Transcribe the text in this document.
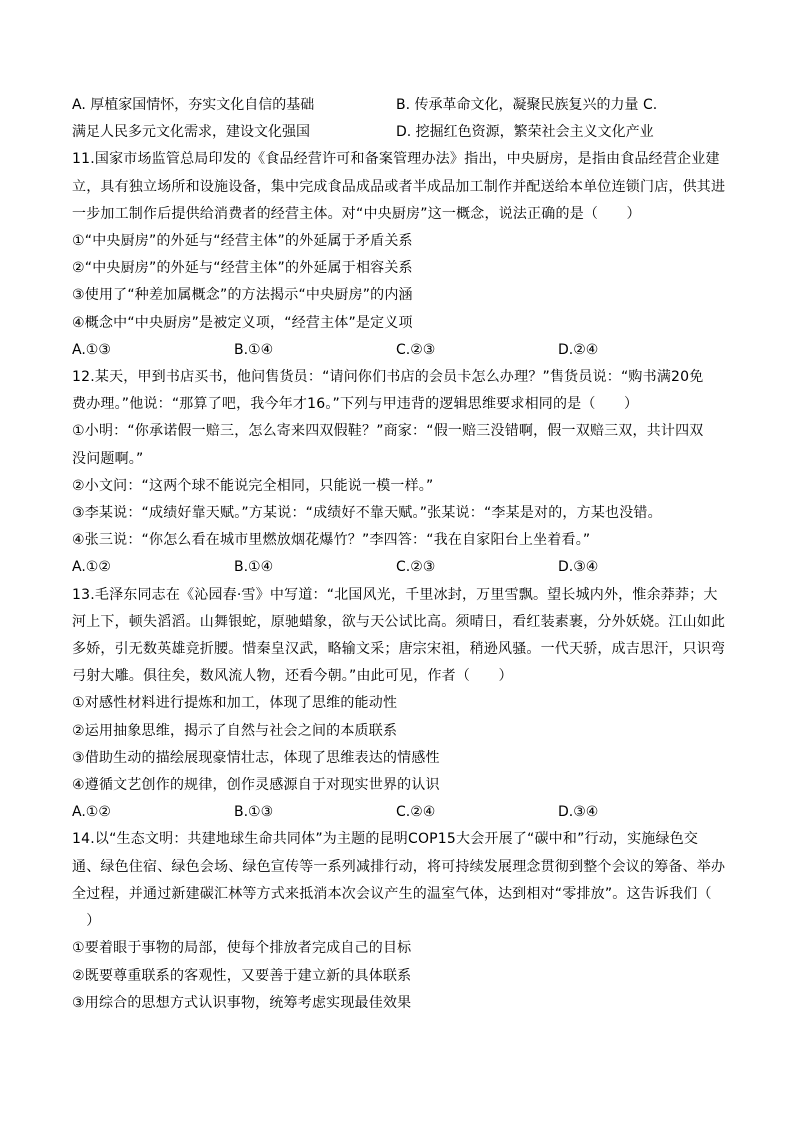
A. 厚植家国情怀，夯实文化自信的基础	B. 传承革命文化，凝聚民族复兴的力量 C.
满足人民多元文化需求，建设文化强国	D. 挖掘红色资源，繁荣社会主义文化产业
11.国家市场监管总局印发的《食品经营许可和备案管理办法》指出，中央厨房，是指由食品经营企业建
立，具有独立场所和设施设备，集中完成食品成品或者半成品加工制作并配送给本单位连锁门店，供其进
一步加工制作后提供给消费者的经营主体。对“中央厨房”这一概念，说法正确的是（　　）
①“中央厨房”的外延与“经营主体”的外延属于矛盾关系
②“中央厨房”的外延与“经营主体”的外延属于相容关系
③使用了“种差加属概念”的方法揭示“中央厨房”的内涵
④概念中“中央厨房”是被定义项，“经营主体”是定义项
A.①③	B.①④	C.②③	D.②④
12.某天，甲到书店买书，他问售货员：“请问你们书店的会员卡怎么办理？”售货员说：“购书满20免
费办理。”他说：“那算了吧，我今年才16。”下列与甲违背的逻辑思维要求相同的是（　　）
①小明：“你承诺假一赔三，怎么寄来四双假鞋？”商家：“假一赔三没错啊，假一双赔三双，共计四双
没问题啊。”
②小文问：“这两个球不能说完全相同，只能说一模一样。”
③李某说：“成绩好靠天赋。”方某说：“成绩好不靠天赋。”张某说：“李某是对的，方某也没错。
④张三说：“你怎么看在城市里燃放烟花爆竹？”李四答：“我在自家阳台上坐着看。”
A.①②	B.①④	C.②③	D.③④
13.毛泽东同志在《沁园春·雪》中写道：“北国风光，千里冰封，万里雪飘。望长城内外，惟余莽莽；大
河上下，顿失滔滔。山舞银蛇，原驰蜡象，欲与天公试比高。须晴日，看红装素裹，分外妖娆。江山如此
多娇，引无数英雄竞折腰。惜秦皇汉武，略输文采；唐宗宋祖，稍逊风骚。一代天骄，成吉思汗，只识弯
弓射大雕。俱往矣，数风流人物，还看今朝。”由此可见，作者（　　）
①对感性材料进行提炼和加工，体现了思维的能动性
②运用抽象思维，揭示了自然与社会之间的本质联系
③借助生动的描绘展现豪情壮志，体现了思维表达的情感性
④遵循文艺创作的规律，创作灵感源自于对现实世界的认识
A.①②	B.①③	C.②④	D.③④
14.以“生态文明：共建地球生命共同体”为主题的昆明COP15大会开展了“碳中和”行动，实施绿色交
通、绿色住宿、绿色会场、绿色宣传等一系列减排行动，将可持续发展理念贯彻到整个会议的筹备、举办
全过程，并通过新建碳汇林等方式来抵消本次会议产生的温室气体，达到相对“零排放”。这告诉我们（
　）
①要着眼于事物的局部，使每个排放者完成自己的目标
②既要尊重联系的客观性，又要善于建立新的具体联系
③用综合的思想方式认识事物，统筹考虑实现最佳效果
